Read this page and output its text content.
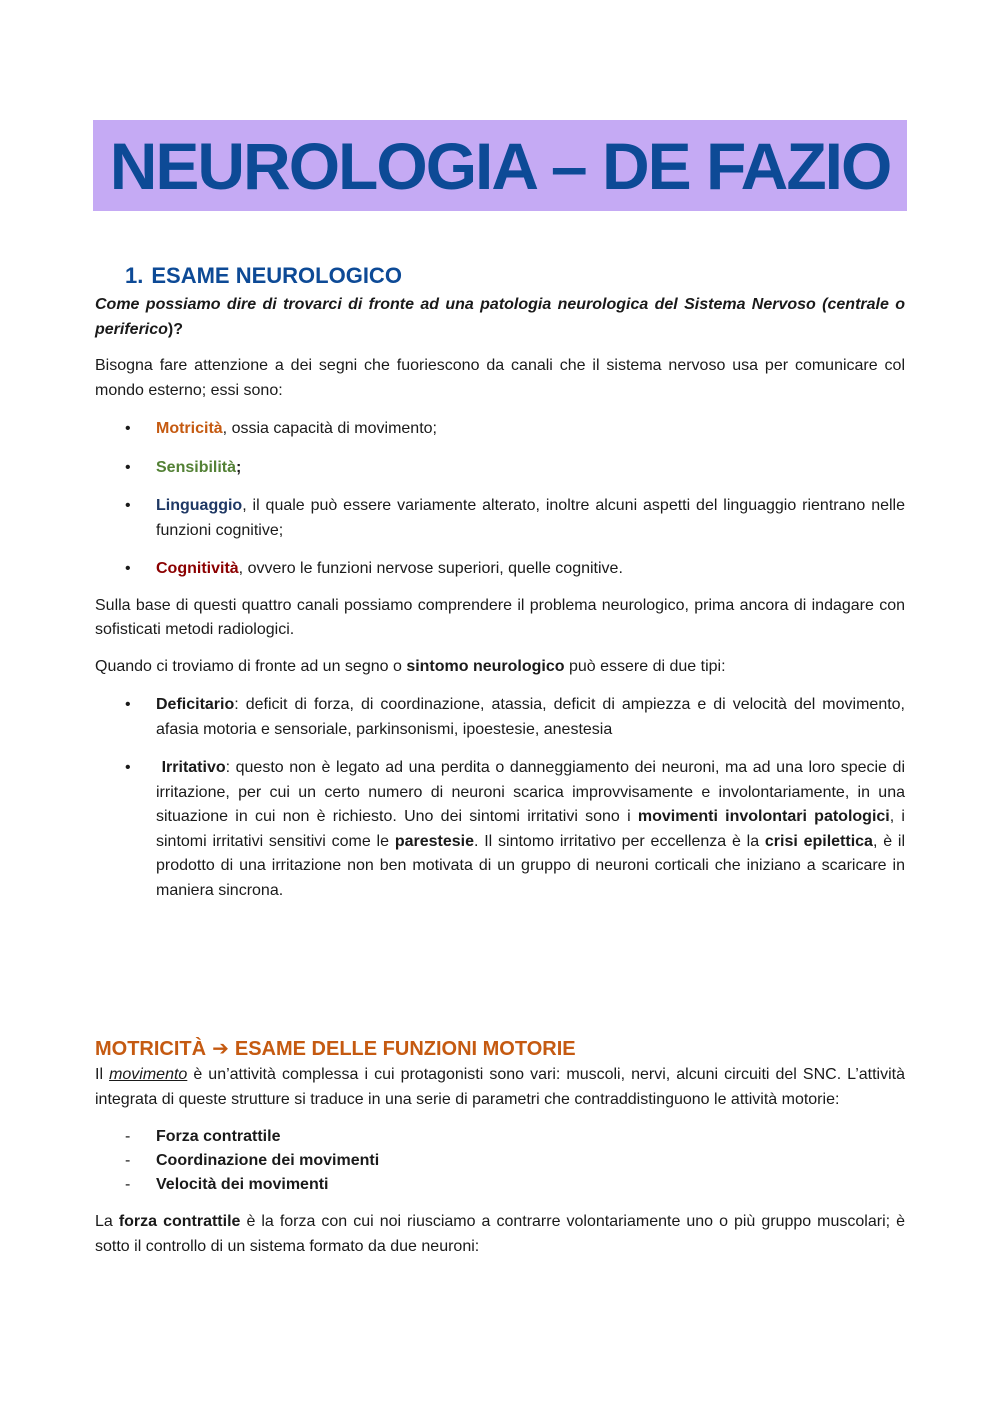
NEUROLOGIA – DE FAZIO
1. ESAME NEUROLOGICO

Come possiamo dire di trovarci di fronte ad una patologia neurologica del Sistema Nervoso (centrale o periferico)?

Bisogna fare attenzione a dei segni che fuoriescono da canali che il sistema nervoso usa per comunicare col mondo esterno; essi sono:

• Motricità, ossia capacità di movimento;
• Sensibilità;
• Linguaggio, il quale può essere variamente alterato, inoltre alcuni aspetti del linguaggio rientrano nelle funzioni cognitive;
• Cognitività, ovvero le funzioni nervose superiori, quelle cognitive.

Sulla base di questi quattro canali possiamo comprendere il problema neurologico, prima ancora di indagare con sofisticati metodi radiologici.

Quando ci troviamo di fronte ad un segno o sintomo neurologico può essere di due tipi:

• Deficitario: deficit di forza, di coordinazione, atassia, deficit di ampiezza e di velocità del movimento, afasia motoria e sensoriale, parkinsonismi, ipoestesie, anestesia
• Irritativo: questo non è legato ad una perdita o danneggiamento dei neuroni, ma ad una loro specie di irritazione, per cui un certo numero di neuroni scarica improvvisamente e involontariamente, in una situazione in cui non è richiesto. Uno dei sintomi irritativi sono i movimenti involontari patologici, i sintomi irritativi sensitivi come le parestesie. Il sintomo irritativo per eccellenza è la crisi epilettica, è il prodotto di una irritazione non ben motivata di un gruppo di neuroni corticali che iniziano a scaricare in maniera sincrona.
MOTRICITÀ ➔ ESAME DELLE FUNZIONI MOTORIE

Il movimento è un’attività complessa i cui protagonisti sono vari: muscoli, nervi, alcuni circuiti del SNC. L’attività integrata di queste strutture si traduce in una serie di parametri che contraddistinguono le attività motorie:

- Forza contrattile
- Coordinazione dei movimenti
- Velocità dei movimenti

La forza contrattile è la forza con cui noi riusciamo a contrarre volontariamente uno o più gruppo muscolari; è sotto il controllo di un sistema formato da due neuroni:
